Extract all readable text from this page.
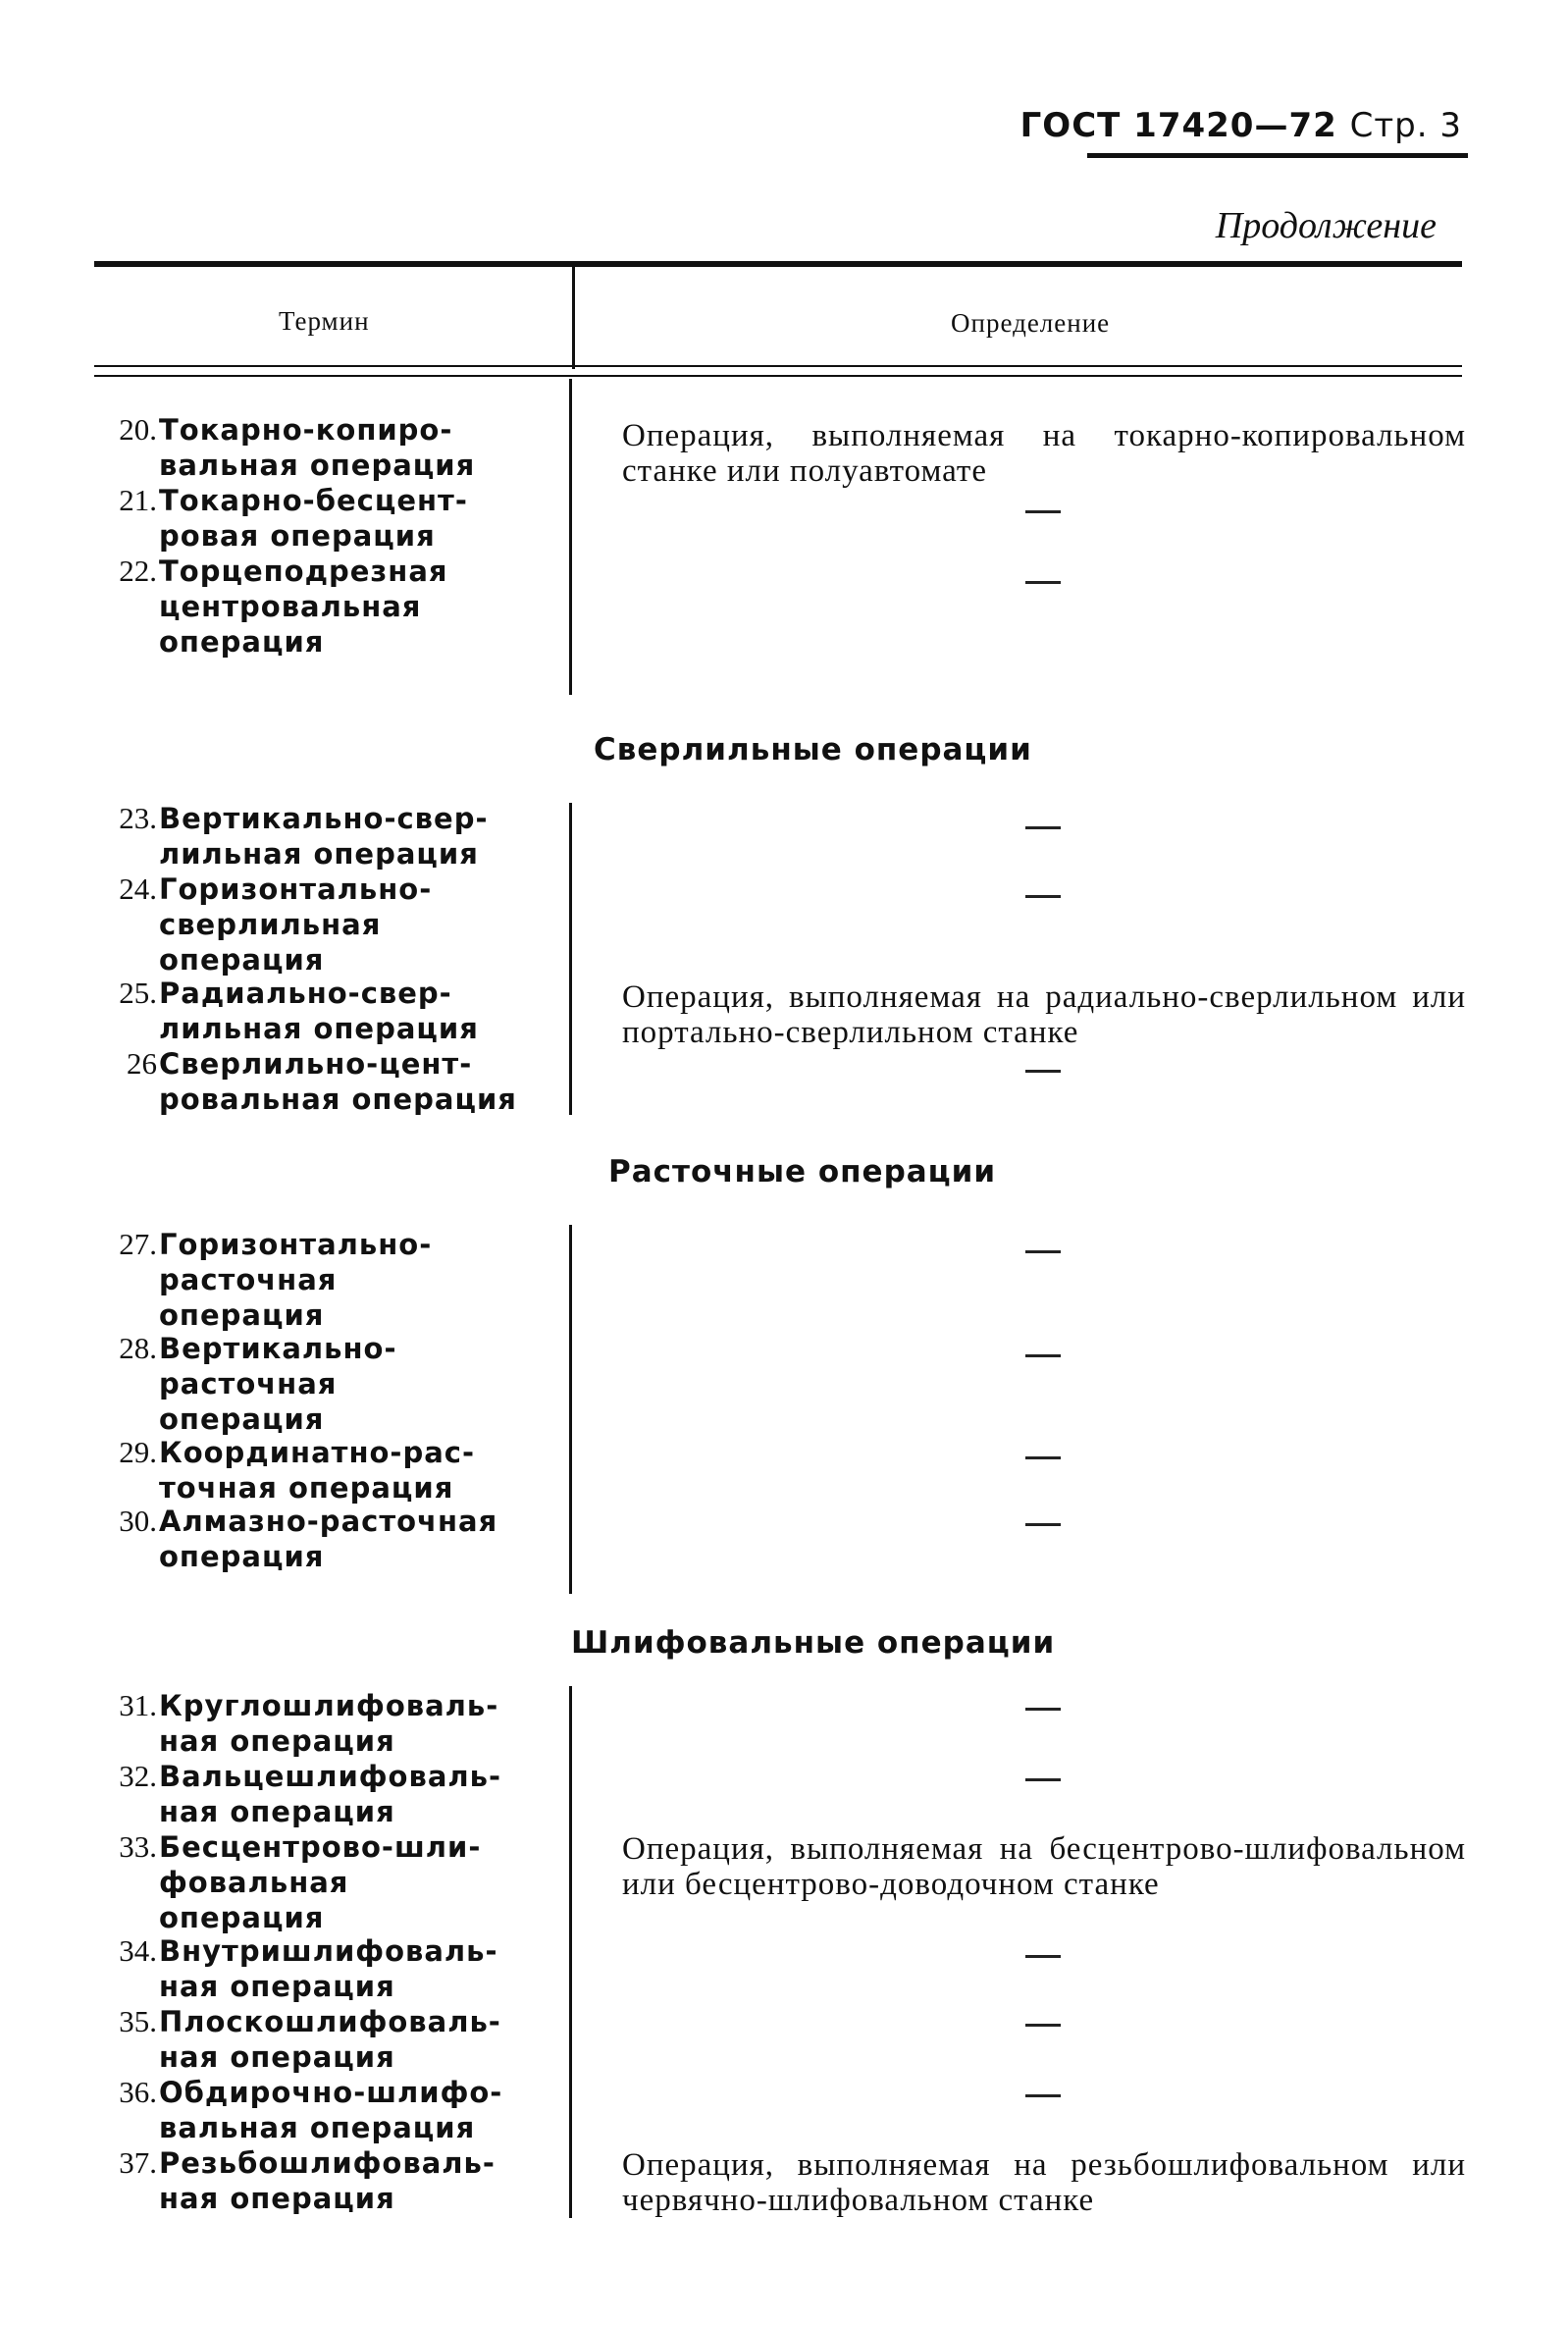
ГОСТ 17420—72 Стр. 3
Продолжение
Термин	Определение
20. Токарно-копиро-
вальная операция
Операция, выполняемая на токарно-копировальном станке или полуавтомате
21. Токарно-бесцент-
ровая операция
22. Торцеподрезная
центровальная
операция
Сверлильные операции
23. Вертикально-свер-
лильная операция
24. Горизонтально-
сверлильная
операция
25. Радиально-свер-
лильная операция
Операция, выполняемая на радиально-сверлильном или портально-сверлильном станке
26 Сверлильно-цент-
ровальная операция
Расточные операции
27. Горизонтально-
расточная
операция
28. Вертикально-
расточная
операция
29. Координатно-рас-
точная операция
30. Алмазно-расточная
операция
Шлифовальные операции
31. Круглошлифоваль-
ная операция
32. Вальцешлифоваль-
ная операция
33. Бесцентрово-шли-
фовальная
операция
Операция, выполняемая на бесцентрово-шлифовальном или бесцентрово-доводочном станке
34. Внутришлифоваль-
ная операция
35. Плоскошлифоваль-
ная операция
36. Обдирочно-шлифо-
вальная операция
37. Резьбошлифоваль-
ная операция
Операция, выполняемая на резьбошлифовальном или червячно-шлифовальном станке
